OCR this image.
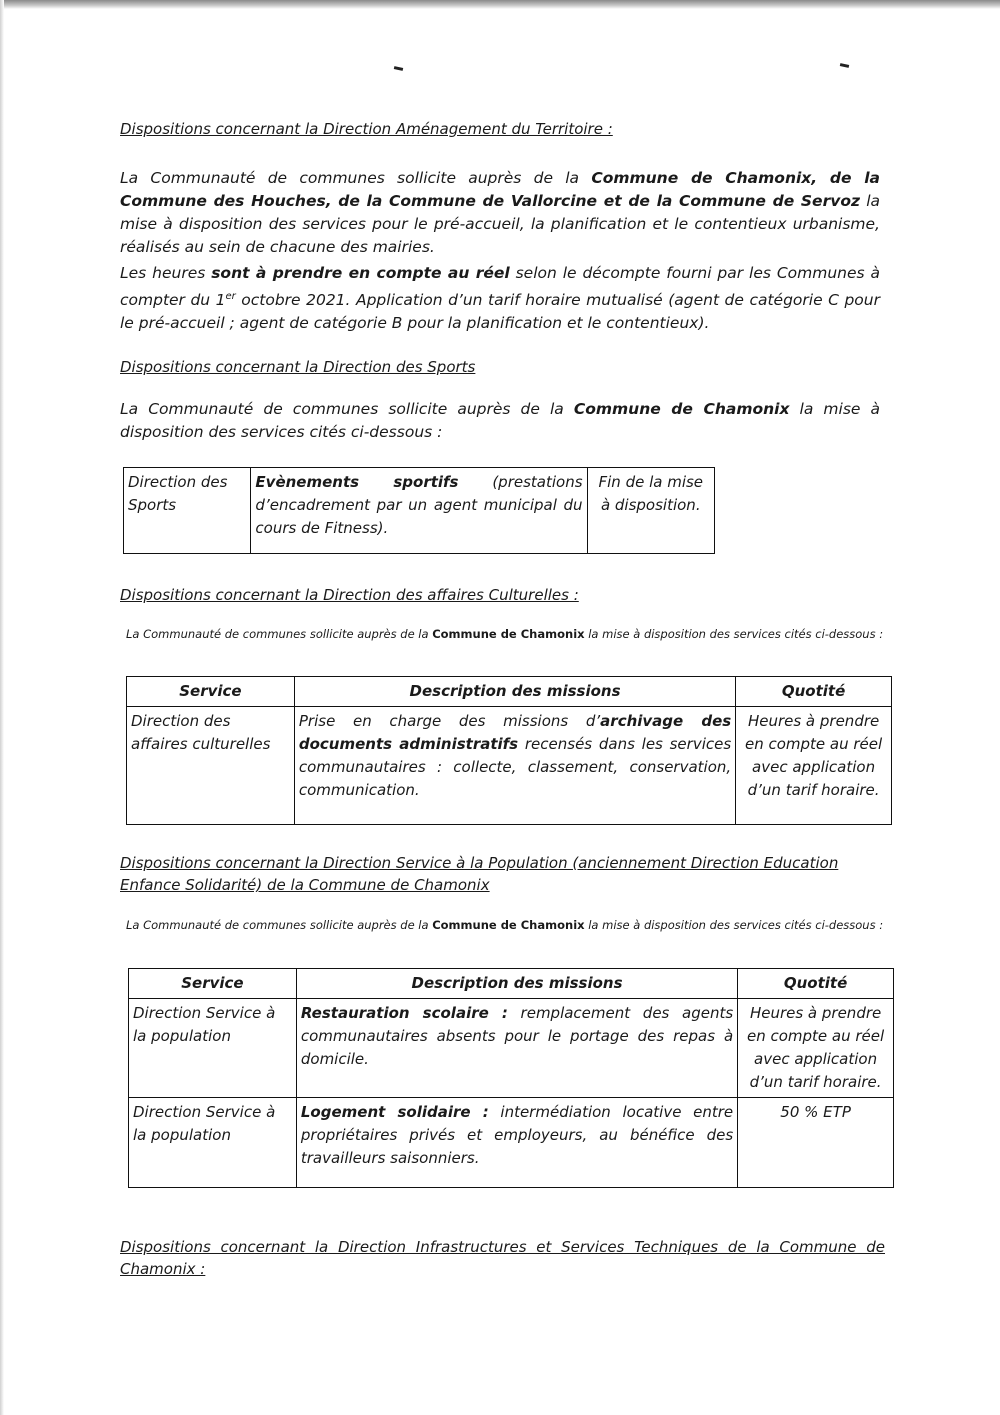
Dispositions concernant la Direction Aménagement du Territoire :
La Communauté de communes sollicite auprès de la Commune de Chamonix, de la Commune des Houches, de la Commune de Vallorcine et de la Commune de Servoz la mise à disposition des services pour le pré-accueil, la planification et le contentieux urbanisme, réalisés au sein de chacune des mairies.
Les heures sont à prendre en compte au réel selon le décompte fourni par les Communes à compter du 1er octobre 2021. Application d’un tarif horaire mutualisé (agent de catégorie C pour le pré-accueil ; agent de catégorie B pour la planification et le contentieux).
Dispositions concernant la Direction des Sports
La Communauté de communes sollicite auprès de la Commune de Chamonix la mise à disposition des services cités ci-dessous :
Direction des Sports	Evènements sportifs (prestations d’encadrement par un agent municipal du cours de Fitness).	Fin de la mise à disposition.
Dispositions concernant la Direction des affaires Culturelles :
La Communauté de communes sollicite auprès de la Commune de Chamonix la mise à disposition des services cités ci-dessous :
Service	Description des missions	Quotité
Direction des affaires culturelles	Prise en charge des missions d’archivage des documents administratifs recensés dans les services communautaires : collecte, classement, conservation, communication.	Heures à prendre en compte au réel avec application d’un tarif horaire.
Dispositions concernant la Direction Service à la Population (anciennement Direction Education Enfance Solidarité) de la Commune de Chamonix
La Communauté de communes sollicite auprès de la Commune de Chamonix la mise à disposition des services cités ci-dessous :
Service	Description des missions	Quotité
Direction Service à la population	Restauration scolaire : remplacement des agents communautaires absents pour le portage des repas à domicile.	Heures à prendre en compte au réel avec application d’un tarif horaire.
Direction Service à la population	Logement solidaire : intermédiation locative entre propriétaires privés et employeurs, au bénéfice des travailleurs saisonniers.	50 % ETP
Dispositions concernant la Direction Infrastructures et Services Techniques de la Commune de Chamonix :
